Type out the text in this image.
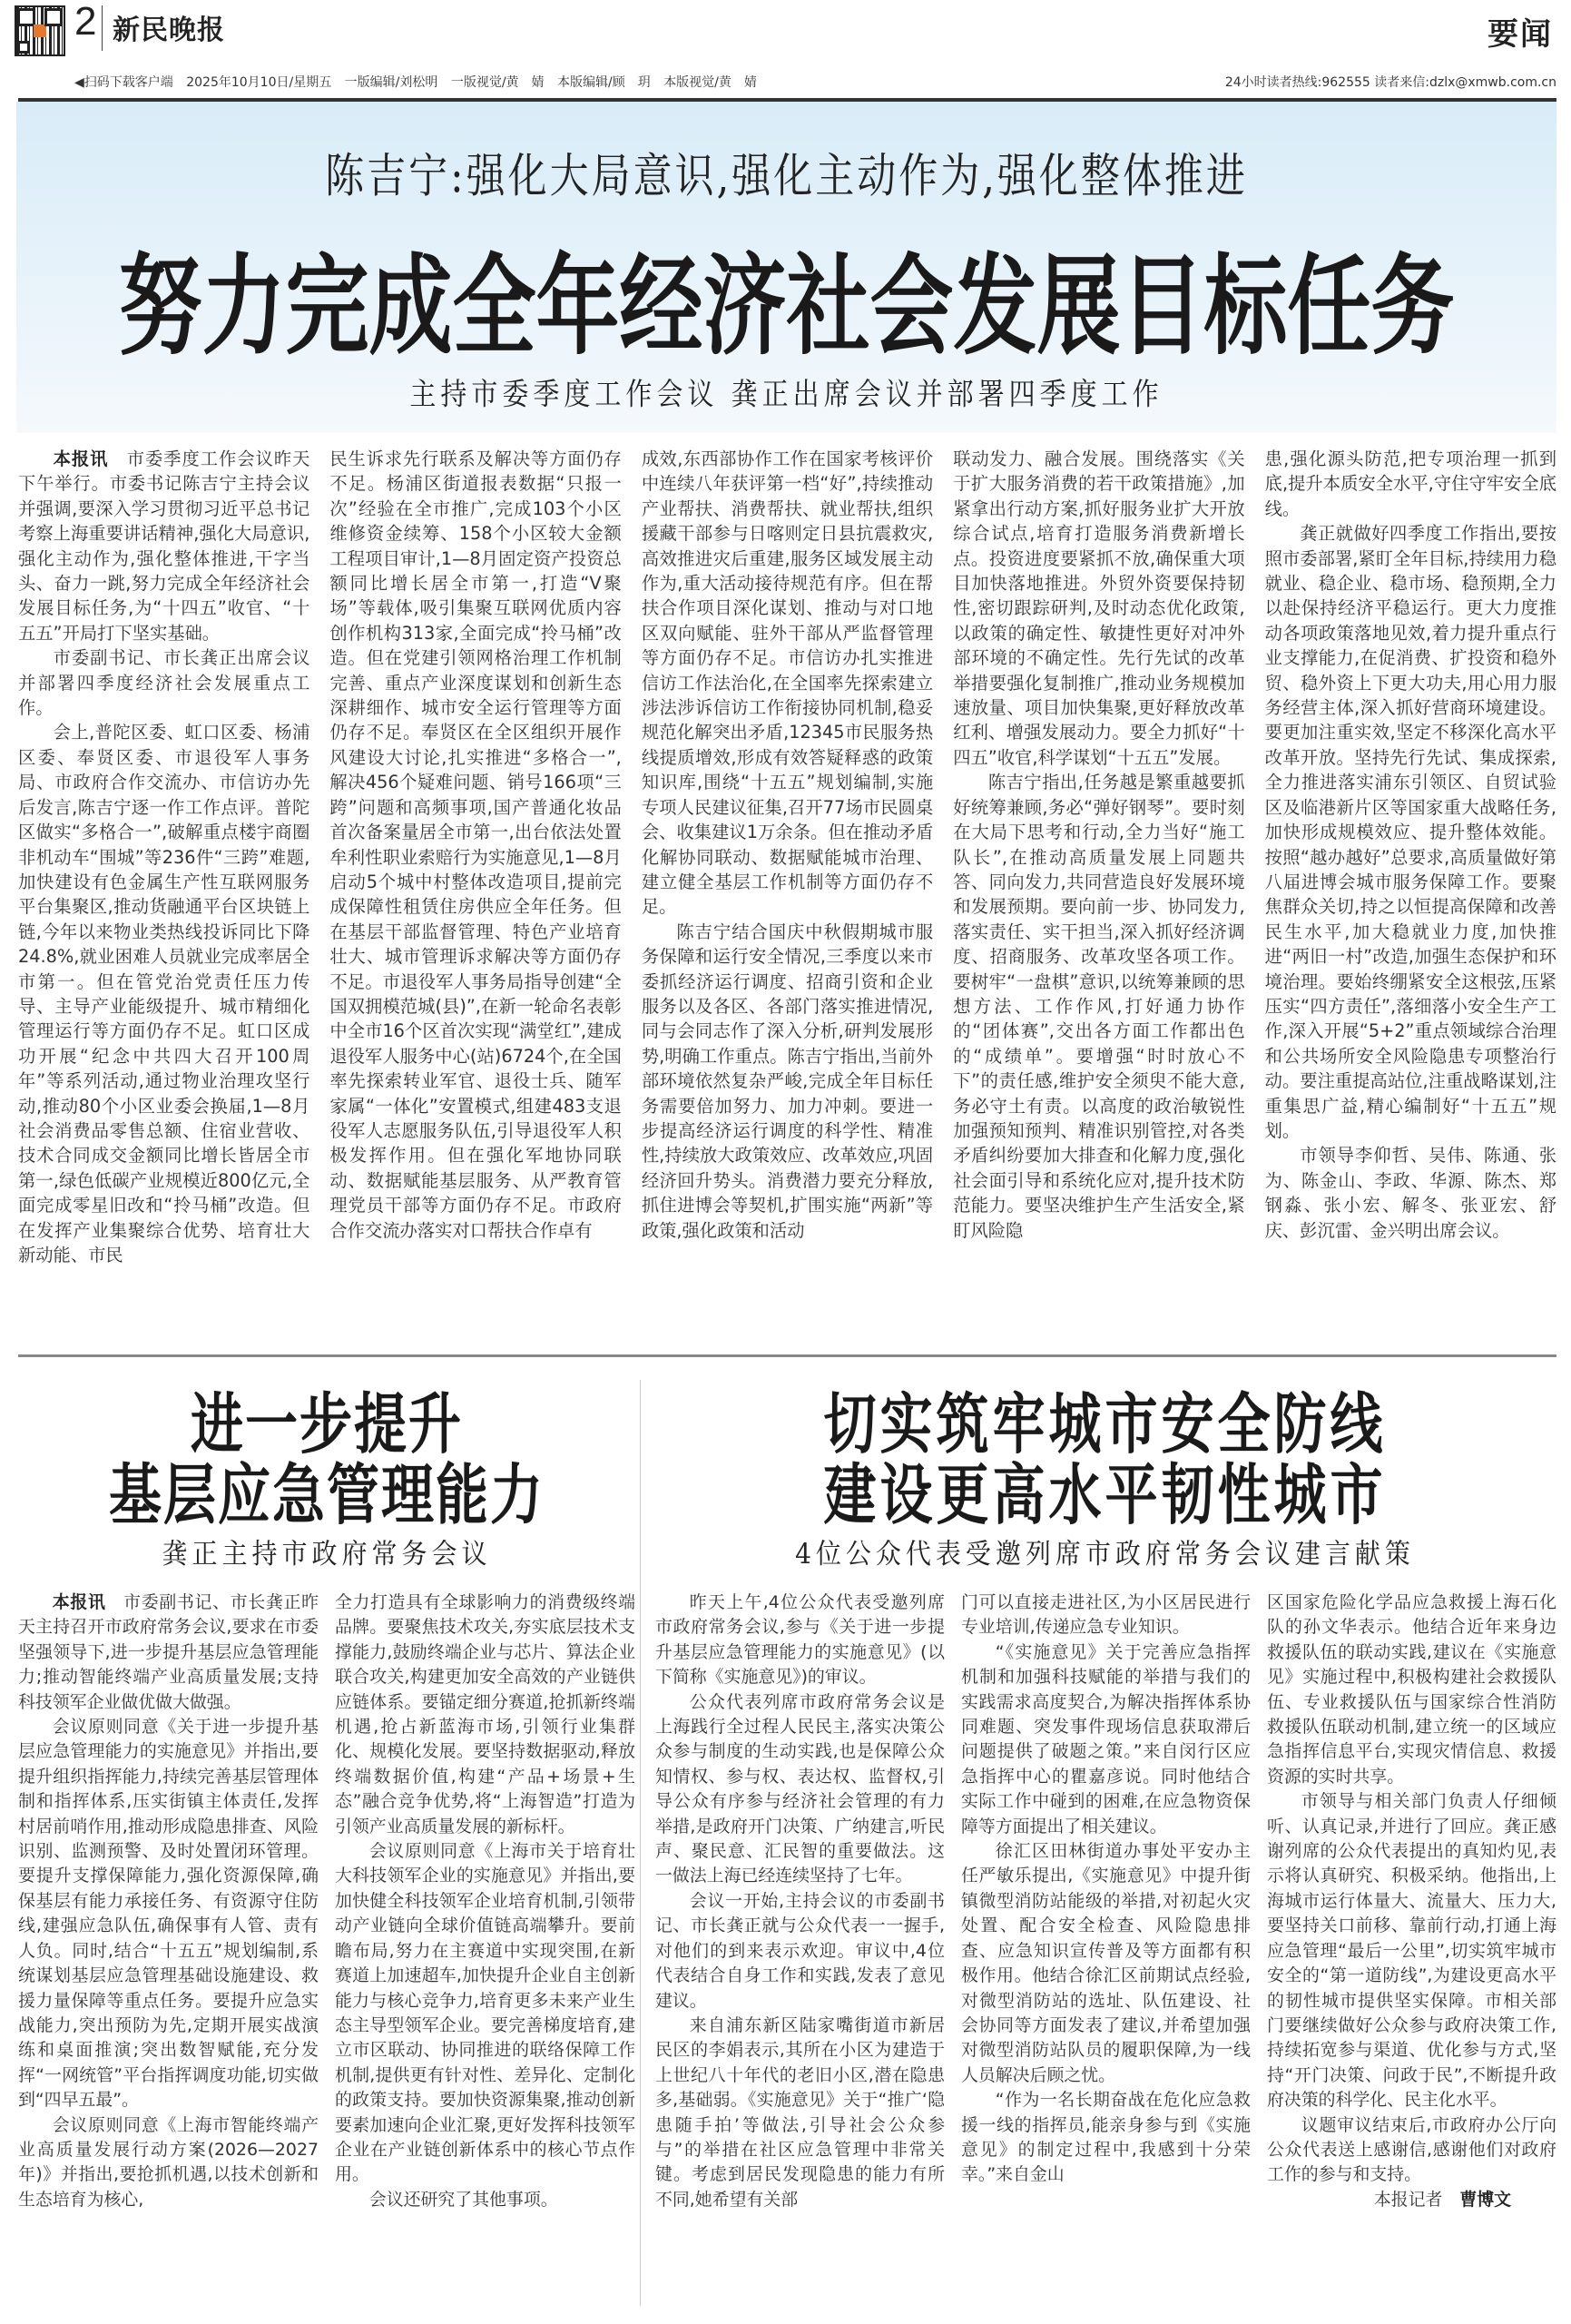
2 新民晚报	要闻
◀扫码下载客户端 2025年10月10日/星期五 一版编辑/刘松明 一版视觉/黄　婧 本版编辑/顾　玥 本版视觉/黄　婧	24小时读者热线:962555 读者来信:dzlx@xmwb.com.cn
陈吉宁:强化大局意识,强化主动作为,强化整体推进
努力完成全年经济社会发展目标任务
主持市委季度工作会议 龚正出席会议并部署四季度工作

本报讯　 市委季度工作会议昨天下午举行。市委书记陈吉宁主持会议并强调,要深入学习贯彻习近平总书记考察上海重要讲话精神,强化大局意识,强化主动作为,强化整体推进,干字当头、奋力一跳,努力完成全年经济社会发展目标任务,为“十四五”收官、“十五五”开局打下坚实基础。

市委副书记、市长龚正出席会议并部署四季度经济社会发展重点工作。

会上,普陀区委、虹口区委、杨浦区委、奉贤区委、市退役军人事务局、市政府合作交流办、市信访办先后发言,陈吉宁逐一作工作点评。普陀区做实“多格合一”,破解重点楼宇商圈非机动车“围城”等236件“三跨”难题,加快建设有色金属生产性互联网服务平台集聚区,推动货融通平台区块链上链,今年以来物业类热线投诉同比下降24.8%,就业困难人员就业完成率居全市第一。但在管党治党责任压力传导、主导产业能级提升、城市精细化管理运行等方面仍存不足。虹口区成功开展“纪念中共四大召开100周年”等系列活动,通过物业治理攻坚行动,推动80个小区业委会换届,1—8月社会消费品零售总额、住宿业营收、技术合同成交金额同比增长皆居全市第一,绿色低碳产业规模近800亿元,全面完成零星旧改和“拎马桶”改造。但在发挥产业集聚综合优势、培育壮大新动能、市民

民生诉求先行联系及解决等方面仍存不足。杨浦区街道报表数据“只报一次”经验在全市推广,完成103个小区维修资金续筹、158个小区较大金额工程项目审计,1—8月固定资产投资总额同比增长居全市第一,打造“V聚场”等载体,吸引集聚互联网优质内容创作机构313家,全面完成“拎马桶”改造。但在党建引领网格治理工作机制完善、重点产业深度谋划和创新生态深耕细作、城市安全运行管理等方面仍存不足。奉贤区在全区组织开展作风建设大讨论,扎实推进“多格合一”,解决456个疑难问题、销号166项“三跨”问题和高频事项,国产普通化妆品首次备案量居全市第一,出台依法处置牟利性职业索赔行为实施意见,1—8月启动5个城中村整体改造项目,提前完成保障性租赁住房供应全年任务。但在基层干部监督管理、特色产业培育壮大、城市管理诉求解决等方面仍存不足。市退役军人事务局指导创建“全国双拥模范城(县)”,在新一轮命名表彰中全市16个区首次实现“满堂红”,建成退役军人服务中心(站)6724个,在全国率先探索转业军官、退役士兵、随军家属“一体化”安置模式,组建483支退役军人志愿服务队伍,引导退役军人积极发挥作用。但在强化军地协同联动、数据赋能基层服务、从严教育管理党员干部等方面仍存不足。市政府合作交流办落实对口帮扶合作卓有

成效,东西部协作工作在国家考核评价中连续八年获评第一档“好”,持续推动产业帮扶、消费帮扶、就业帮扶,组织援藏干部参与日喀则定日县抗震救灾,高效推进灾后重建,服务区域发展主动作为,重大活动接待规范有序。但在帮扶合作项目深化谋划、推动与对口地区双向赋能、驻外干部从严监督管理等方面仍存不足。市信访办扎实推进信访工作法治化,在全国率先探索建立涉法涉诉信访工作衔接协同机制,稳妥规范化解突出矛盾,12345市民服务热线提质增效,形成有效答疑释惑的政策知识库,围绕“十五五”规划编制,实施专项人民建议征集,召开77场市民圆桌会、收集建议1万余条。但在推动矛盾化解协同联动、数据赋能城市治理、建立健全基层工作机制等方面仍存不足。

陈吉宁结合国庆中秋假期城市服务保障和运行安全情况,三季度以来市委抓经济运行调度、招商引资和企业服务以及各区、各部门落实推进情况,同与会同志作了深入分析,研判发展形势,明确工作重点。陈吉宁指出,当前外部环境依然复杂严峻,完成全年目标任务需要倍加努力、加力冲刺。要进一步提高经济运行调度的科学性、精准性,持续放大政策效应、改革效应,巩固经济回升势头。消费潜力要充分释放,抓住进博会等契机,扩围实施“两新”等政策,强化政策和活动

联动发力、融合发展。围绕落实《关于扩大服务消费的若干政策措施》,加紧拿出行动方案,抓好服务业扩大开放综合试点,培育打造服务消费新增长点。投资进度要紧抓不放,确保重大项目加快落地推进。外贸外资要保持韧性,密切跟踪研判,及时动态优化政策,以政策的确定性、敏捷性更好对冲外部环境的不确定性。先行先试的改革举措要强化复制推广,推动业务规模加速放量、项目加快集聚,更好释放改革红利、增强发展动力。要全力抓好“十四五”收官,科学谋划“十五五”发展。

陈吉宁指出,任务越是繁重越要抓好统筹兼顾,务必“弹好钢琴”。要时刻在大局下思考和行动,全力当好“施工队长”,在推动高质量发展上同题共答、同向发力,共同营造良好发展环境和发展预期。要向前一步、协同发力,落实责任、实干担当,深入抓好经济调度、招商服务、改革攻坚各项工作。要树牢“一盘棋”意识,以统筹兼顾的思想方法、工作作风,打好通力协作的“团体赛”,交出各方面工作都出色的“成绩单”。要增强“时时放心不下”的责任感,维护安全须臾不能大意,务必守土有责。以高度的政治敏锐性加强预知预判、精准识别管控,对各类矛盾纠纷要加大排查和化解力度,强化社会面引导和系统化应对,提升技术防范能力。要坚决维护生产生活安全,紧盯风险隐

患,强化源头防范,把专项治理一抓到底,提升本质安全水平,守住守牢安全底线。

龚正就做好四季度工作指出,要按照市委部署,紧盯全年目标,持续用力稳就业、稳企业、稳市场、稳预期,全力以赴保持经济平稳运行。更大力度推动各项政策落地见效,着力提升重点行业支撑能力,在促消费、扩投资和稳外贸、稳外资上下更大功夫,用心用力服务经营主体,深入抓好营商环境建设。要更加注重实效,坚定不移深化高水平改革开放。坚持先行先试、集成探索,全力推进落实浦东引领区、自贸试验区及临港新片区等国家重大战略任务,加快形成规模效应、提升整体效能。按照“越办越好”总要求,高质量做好第八届进博会城市服务保障工作。要聚焦群众关切,持之以恒提高保障和改善民生水平,加大稳就业力度,加快推进“两旧一村”改造,加强生态保护和环境治理。要始终绷紧安全这根弦,压紧压实“四方责任”,落细落小安全生产工作,深入开展“5+2”重点领域综合治理和公共场所安全风险隐患专项整治行动。要注重提高站位,注重战略谋划,注重集思广益,精心编制好“十五五”规划。

市领导李仰哲、吴伟、陈通、张为、陈金山、李政、华源、陈杰、郑钢淼、张小宏、解冬、张亚宏、舒庆、彭沉雷、金兴明出席会议。

进一步提升
基层应急管理能力
龚正主持市政府常务会议
切实筑牢城市安全防线
建设更高水平韧性城市
4位公众代表受邀列席市政府常务会议建言献策

本报讯　 市委副书记、市长龚正昨天主持召开市政府常务会议,要求在市委坚强领导下,进一步提升基层应急管理能力;推动智能终端产业高质量发展;支持科技领军企业做优做大做强。

会议原则同意《关于进一步提升基层应急管理能力的实施意见》并指出,要提升组织指挥能力,持续完善基层管理体制和指挥体系,压实街镇主体责任,发挥村居前哨作用,推动形成隐患排查、风险识别、监测预警、及时处置闭环管理。要提升支撑保障能力,强化资源保障,确保基层有能力承接任务、有资源守住防线,建强应急队伍,确保事有人管、责有人负。同时,结合“十五五”规划编制,系统谋划基层应急管理基础设施建设、救援力量保障等重点任务。要提升应急实战能力,突出预防为先,定期开展实战演练和桌面推演;突出数智赋能,充分发挥“一网统管”平台指挥调度功能,切实做到“四早五最”。

会议原则同意《上海市智能终端产业高质量发展行动方案(2026—2027年)》并指出,要抢抓机遇,以技术创新和生态培育为核心,

全力打造具有全球影响力的消费级终端品牌。要聚焦技术攻关,夯实底层技术支撑能力,鼓励终端企业与芯片、算法企业联合攻关,构建更加安全高效的产业链供应链体系。要锚定细分赛道,抢抓新终端机遇,抢占新蓝海市场,引领行业集群化、规模化发展。要坚持数据驱动,释放终端数据价值,构建“产品+场景+生态”融合竞争优势,将“上海智造”打造为引领产业高质量发展的新标杆。

会议原则同意《上海市关于培育壮大科技领军企业的实施意见》并指出,要加快健全科技领军企业培育机制,引领带动产业链向全球价值链高端攀升。要前瞻布局,努力在主赛道中实现突围,在新赛道上加速超车,加快提升企业自主创新能力与核心竞争力,培育更多未来产业生态主导型领军企业。要完善梯度培育,建立市区联动、协同推进的联络保障工作机制,提供更有针对性、差异化、定制化的政策支持。要加快资源集聚,推动创新要素加速向企业汇聚,更好发挥科技领军企业在产业链创新体系中的核心节点作用。

会议还研究了其他事项。

昨天上午,4位公众代表受邀列席市政府常务会议,参与《关于进一步提升基层应急管理能力的实施意见》(以下简称《实施意见》)的审议。

公众代表列席市政府常务会议是上海践行全过程人民民主,落实决策公众参与制度的生动实践,也是保障公众知情权、参与权、表达权、监督权,引导公众有序参与经济社会管理的有力举措,是政府开门决策、广纳建言,听民声、聚民意、汇民智的重要做法。这一做法上海已经连续坚持了七年。

会议一开始,主持会议的市委副书记、市长龚正就与公众代表一一握手,对他们的到来表示欢迎。审议中,4位代表结合自身工作和实践,发表了意见建议。

来自浦东新区陆家嘴街道市新居民区的李娟表示,其所在小区为建造于上世纪八十年代的老旧小区,潜在隐患多,基础弱。《实施意见》关于“推广‘隐患随手拍’等做法,引导社会公众参与”的举措在社区应急管理中非常关键。考虑到居民发现隐患的能力有所不同,她希望有关部

门可以直接走进社区,为小区居民进行专业培训,传递应急专业知识。

“《实施意见》关于完善应急指挥机制和加强科技赋能的举措与我们的实践需求高度契合,为解决指挥体系协同难题、突发事件现场信息获取滞后问题提供了破题之策。”来自闵行区应急指挥中心的瞿嘉彦说。同时他结合实际工作中碰到的困难,在应急物资保障等方面提出了相关建议。

徐汇区田林街道办事处平安办主任严敏乐提出,《实施意见》中提升街镇微型消防站能级的举措,对初起火灾处置、配合安全检查、风险隐患排查、应急知识宣传普及等方面都有积极作用。他结合徐汇区前期试点经验,对微型消防站的选址、队伍建设、社会协同等方面发表了建议,并希望加强对微型消防站队员的履职保障,为一线人员解决后顾之忧。

“作为一名长期奋战在危化应急救援一线的指挥员,能亲身参与到《实施意见》的制定过程中,我感到十分荣幸。”来自金山

区国家危险化学品应急救援上海石化队的孙文华表示。他结合近年来身边救援队伍的联动实践,建议在《实施意见》实施过程中,积极构建社会救援队伍、专业救援队伍与国家综合性消防救援队伍联动机制,建立统一的区域应急指挥信息平台,实现灾情信息、救援资源的实时共享。

市领导与相关部门负责人仔细倾听、认真记录,并进行了回应。龚正感谢列席的公众代表提出的真知灼见,表示将认真研究、积极采纳。他指出,上海城市运行体量大、流量大、压力大,要坚持关口前移、靠前行动,打通上海应急管理“最后一公里”,切实筑牢城市安全的“第一道防线”,为建设更高水平的韧性城市提供坚实保障。市相关部门要继续做好公众参与政府决策工作,持续拓宽参与渠道、优化参与方式,坚持“开门决策、问政于民”,不断提升政府决策的科学化、民主化水平。

议题审议结束后,市政府办公厅向公众代表送上感谢信,感谢他们对政府工作的参与和支持。

本报记者　 曹博文
